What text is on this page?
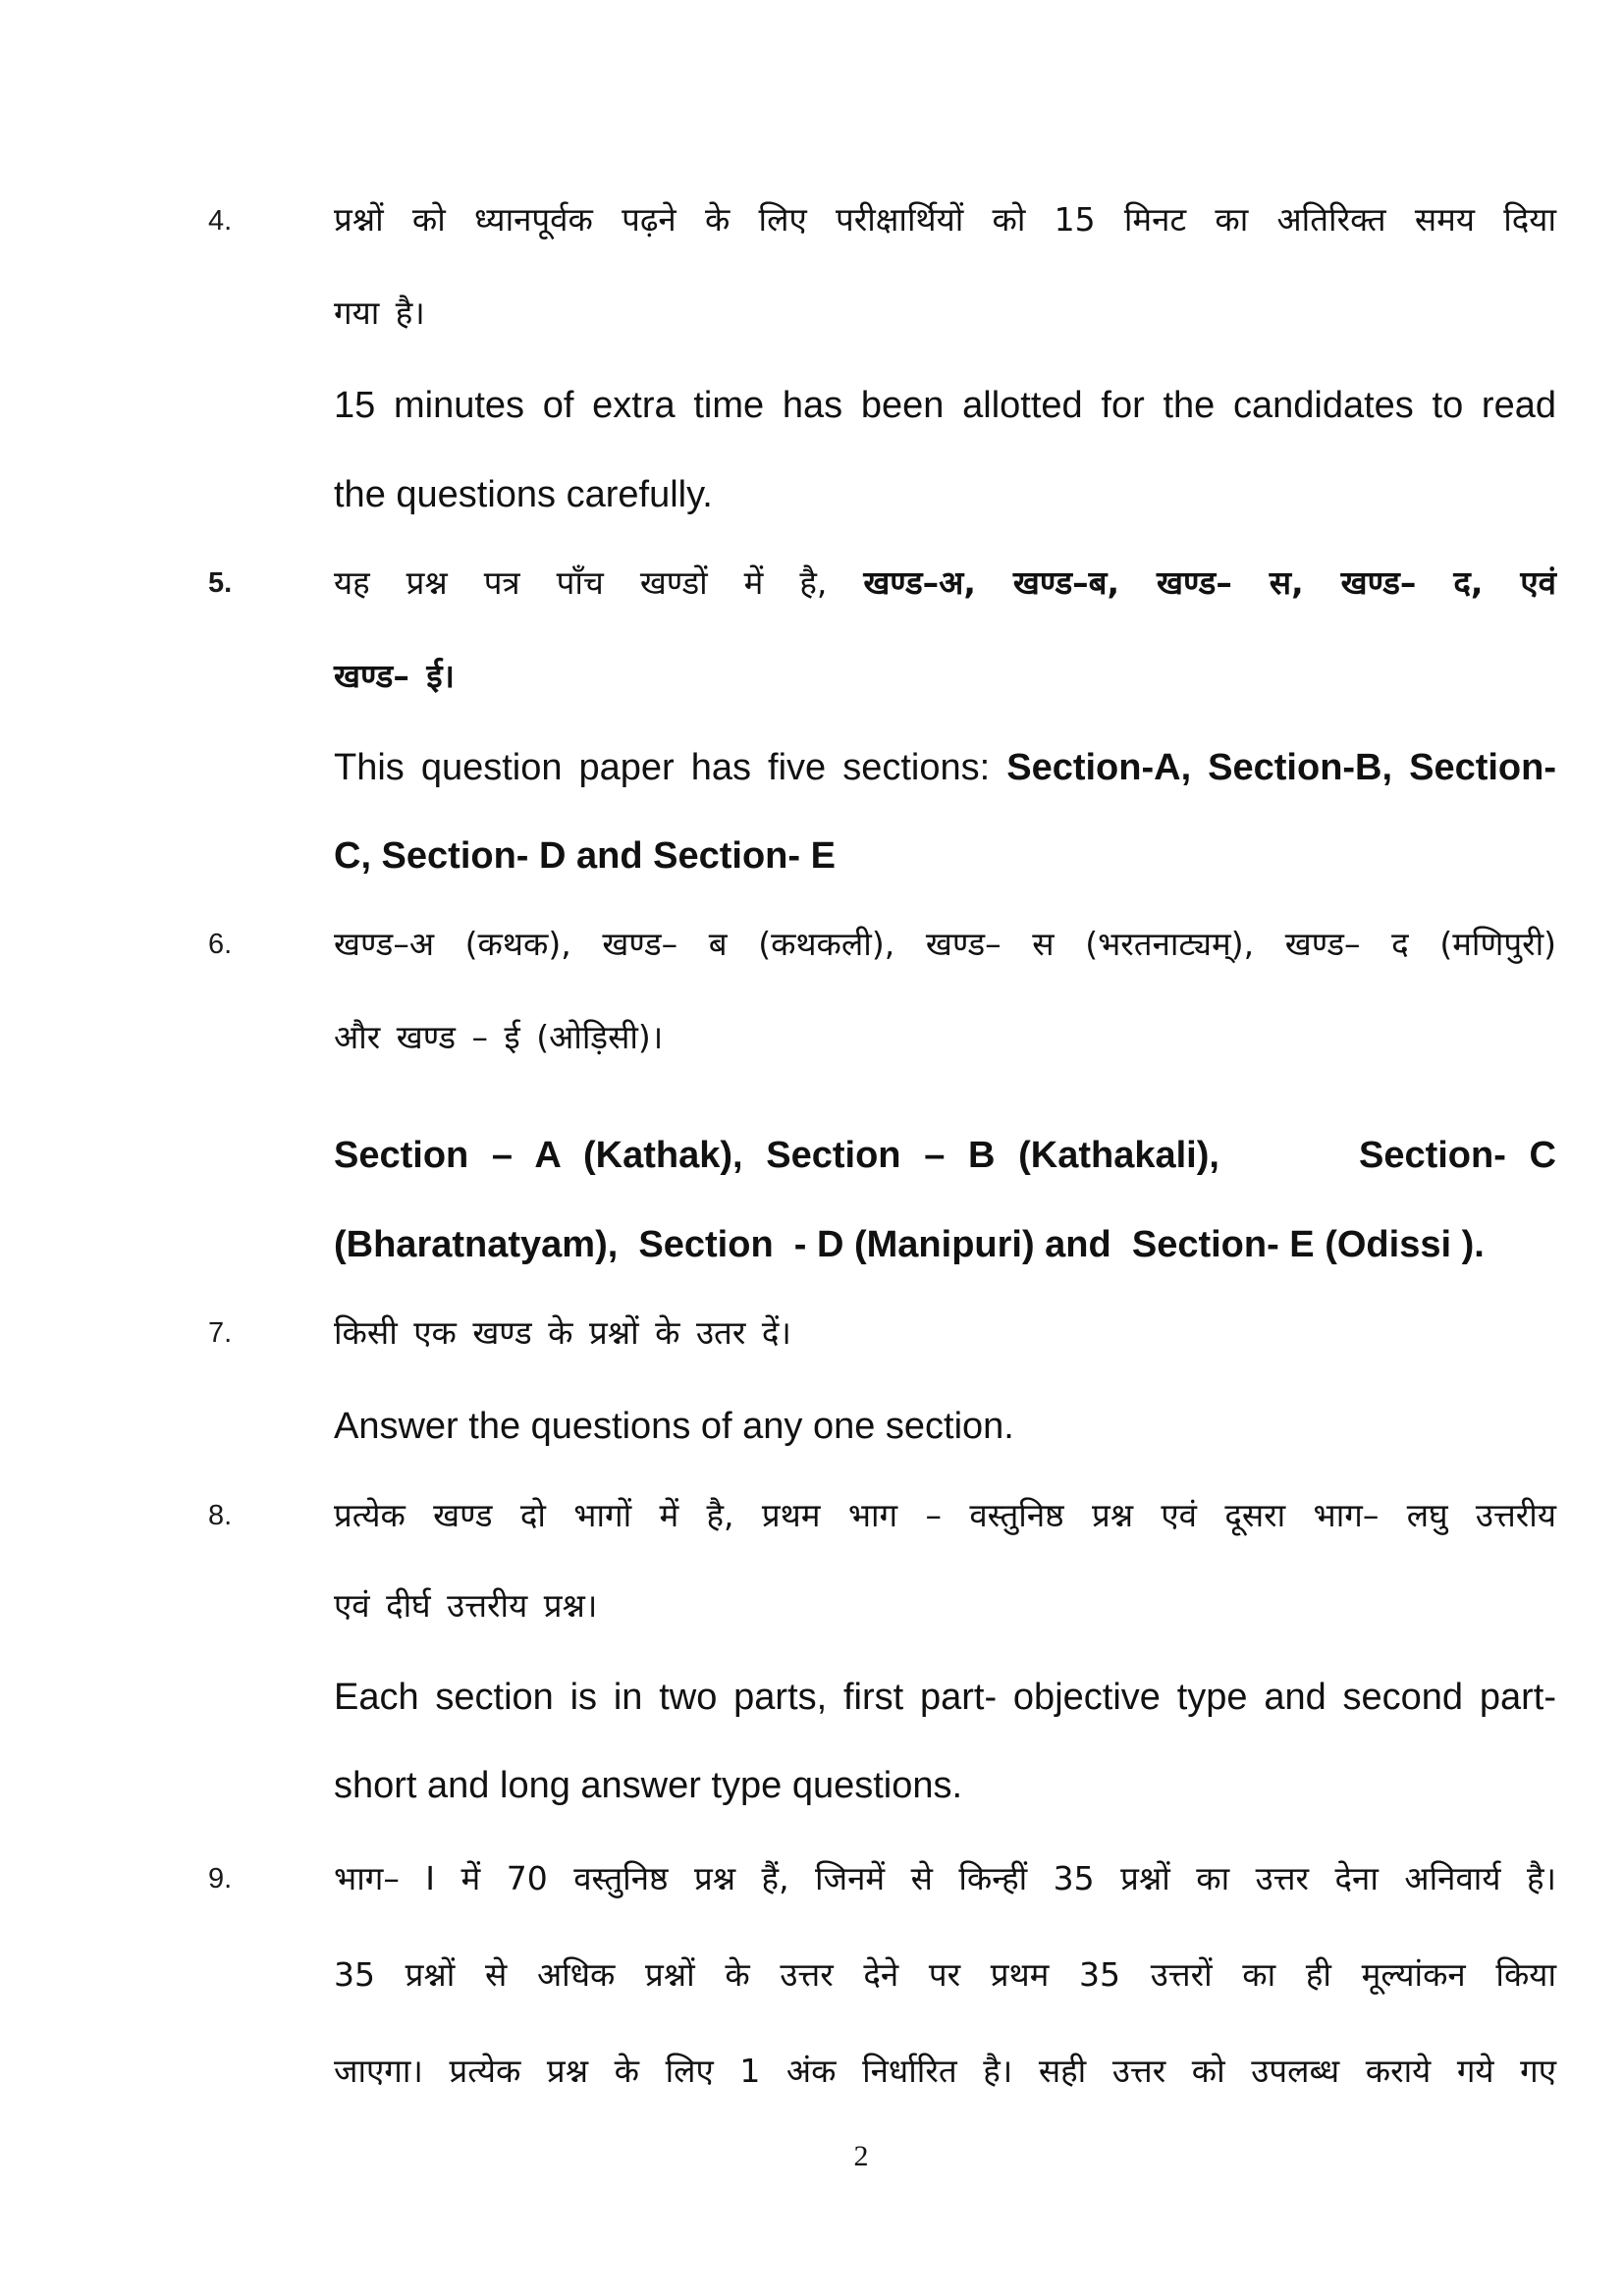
4.	प्रश्नों को ध्यानपूर्वक पढ़ने के लिए परीक्षार्थियों को 15 मिनट का अतिरिक्त समय दिया
गया है।
15 minutes of extra time has been allotted for the candidates to read
the questions carefully.
5.	यह प्रश्न पत्र पाँच खण्डों में है, खण्ड–अ, खण्ड–ब, खण्ड– स, खण्ड– द, एवं
खण्ड– ई।
This question paper has five sections: Section-A, Section-B, Section-
C, Section- D and Section- E
6.	खण्ड–अ (कथक), खण्ड– ब (कथकली), खण्ड– स (भरतनाट्यम्), खण्ड– द (मणिपुरी)
और खण्ड – ई (ओड़िसी)।
Section – A (Kathak), Section – B (Kathakali),      Section- C
(Bharatnatyam),  Section  - D (Manipuri) and  Section- E (Odissi ).
7.	किसी एक खण्ड के प्रश्नों के उतर दें।
Answer the questions of any one section.
8.	प्रत्येक खण्ड दो भागों में है, प्रथम भाग – वस्तुनिष्ठ प्रश्न एवं दूसरा भाग– लघु उत्तरीय
एवं दीर्घ उत्तरीय प्रश्न।
Each section is in two parts, first part- objective type and second part-
short and long answer type questions.
9.	भाग– I में 70 वस्तुनिष्ठ प्रश्न हैं, जिनमें से किन्हीं 35 प्रश्नों का उत्तर देना अनिवार्य है।
35 प्रश्नों से अधिक प्रश्नों के उत्तर देने पर प्रथम 35 उत्तरों का ही मूल्यांकन किया
जाएगा। प्रत्येक प्रश्न के लिए 1 अंक निर्धारित है। सही उत्तर को उपलब्ध कराये गये गए
2
